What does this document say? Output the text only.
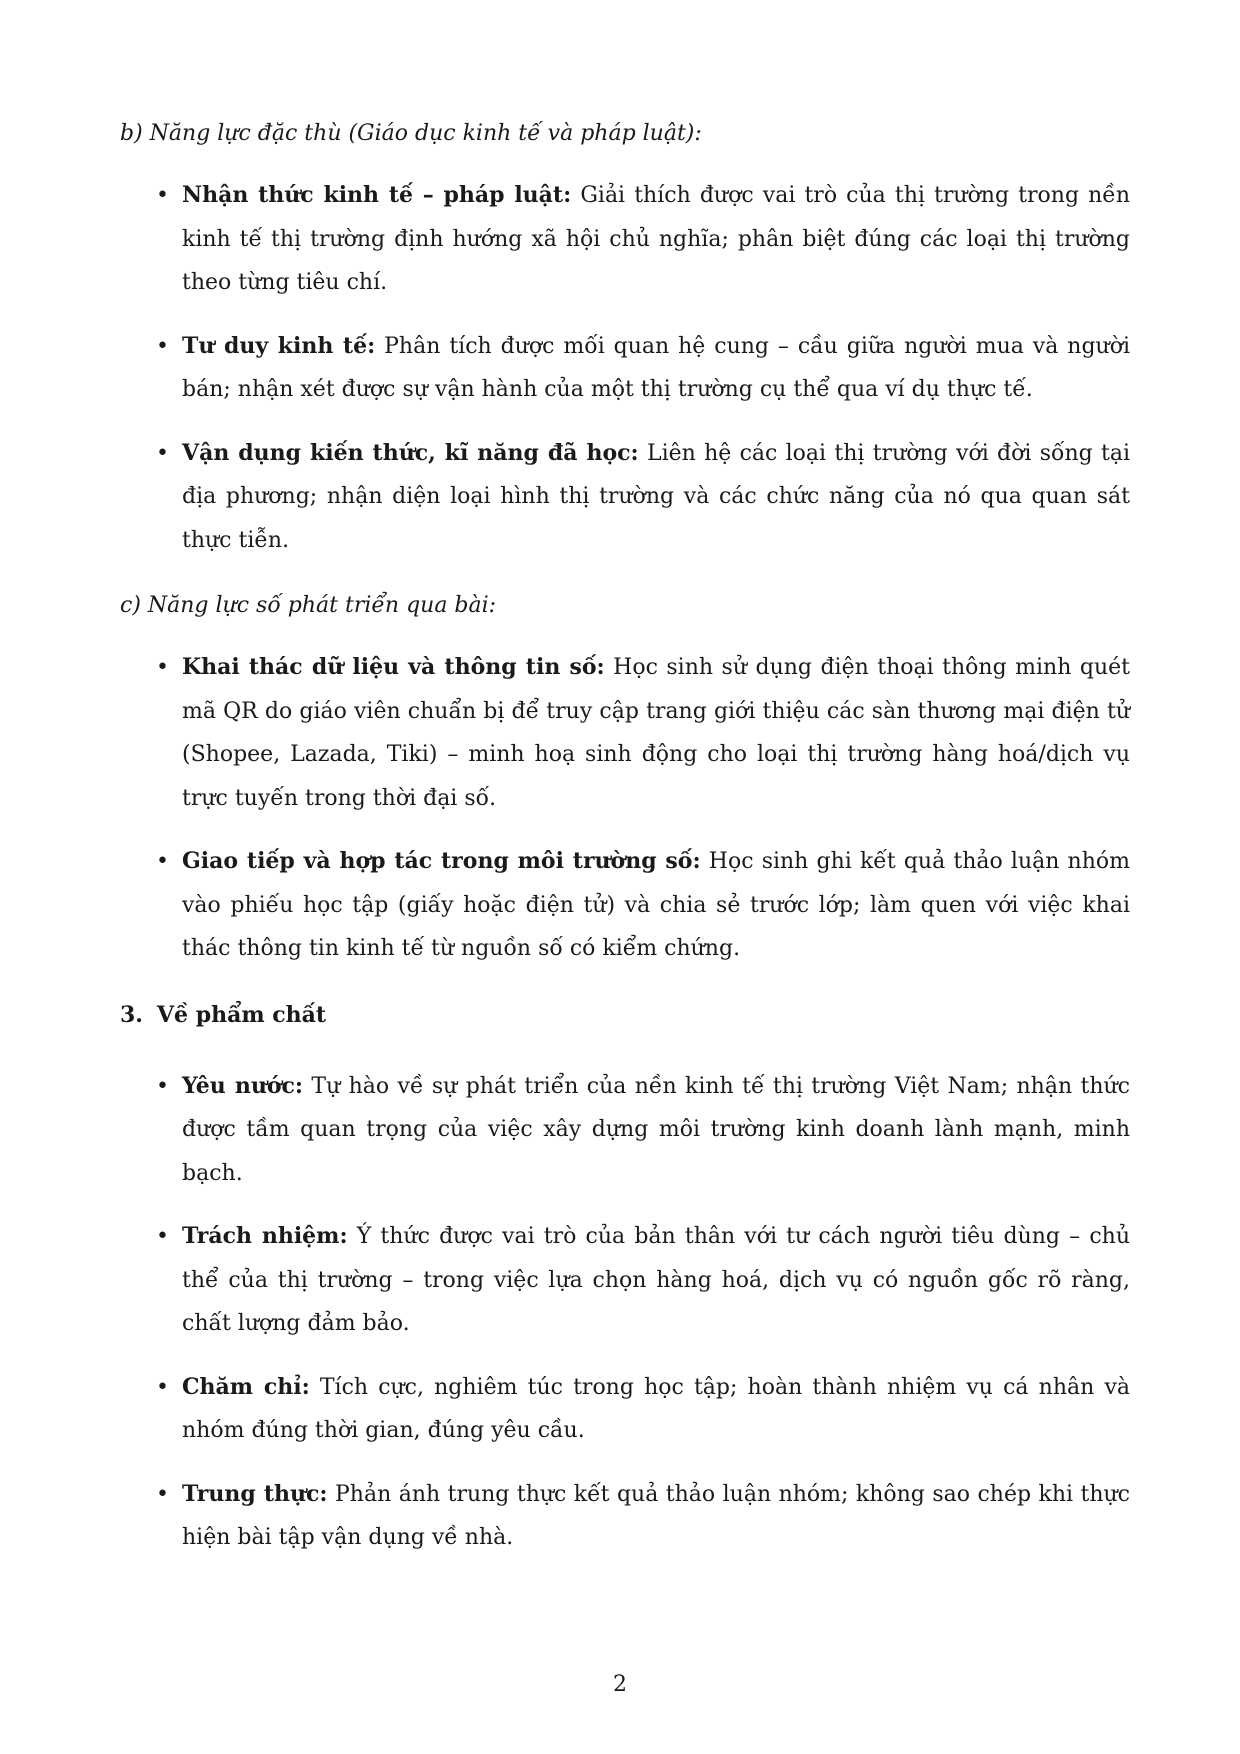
b) Năng lực đặc thù (Giáo dục kinh tế và pháp luật):

• Nhận thức kinh tế – pháp luật: Giải thích được vai trò của thị trường trong nền kinh tế thị trường định hướng xã hội chủ nghĩa; phân biệt đúng các loại thị trường theo từng tiêu chí.
• Tư duy kinh tế: Phân tích được mối quan hệ cung – cầu giữa người mua và người bán; nhận xét được sự vận hành của một thị trường cụ thể qua ví dụ thực tế.
• Vận dụng kiến thức, kĩ năng đã học: Liên hệ các loại thị trường với đời sống tại địa phương; nhận diện loại hình thị trường và các chức năng của nó qua quan sát thực tiễn.

c) Năng lực số phát triển qua bài:

• Khai thác dữ liệu và thông tin số: Học sinh sử dụng điện thoại thông minh quét mã QR do giáo viên chuẩn bị để truy cập trang giới thiệu các sàn thương mại điện tử (Shopee, Lazada, Tiki) – minh hoạ sinh động cho loại thị trường hàng hoá/dịch vụ trực tuyến trong thời đại số.
• Giao tiếp và hợp tác trong môi trường số: Học sinh ghi kết quả thảo luận nhóm vào phiếu học tập (giấy hoặc điện tử) và chia sẻ trước lớp; làm quen với việc khai thác thông tin kinh tế từ nguồn số có kiểm chứng.
3. Về phẩm chất
• Yêu nước: Tự hào về sự phát triển của nền kinh tế thị trường Việt Nam; nhận thức được tầm quan trọng của việc xây dựng môi trường kinh doanh lành mạnh, minh bạch.
• Trách nhiệm: Ý thức được vai trò của bản thân với tư cách người tiêu dùng – chủ thể của thị trường – trong việc lựa chọn hàng hoá, dịch vụ có nguồn gốc rõ ràng, chất lượng đảm bảo.
• Chăm chỉ: Tích cực, nghiêm túc trong học tập; hoàn thành nhiệm vụ cá nhân và nhóm đúng thời gian, đúng yêu cầu.
• Trung thực: Phản ánh trung thực kết quả thảo luận nhóm; không sao chép khi thực hiện bài tập vận dụng về nhà.
2
